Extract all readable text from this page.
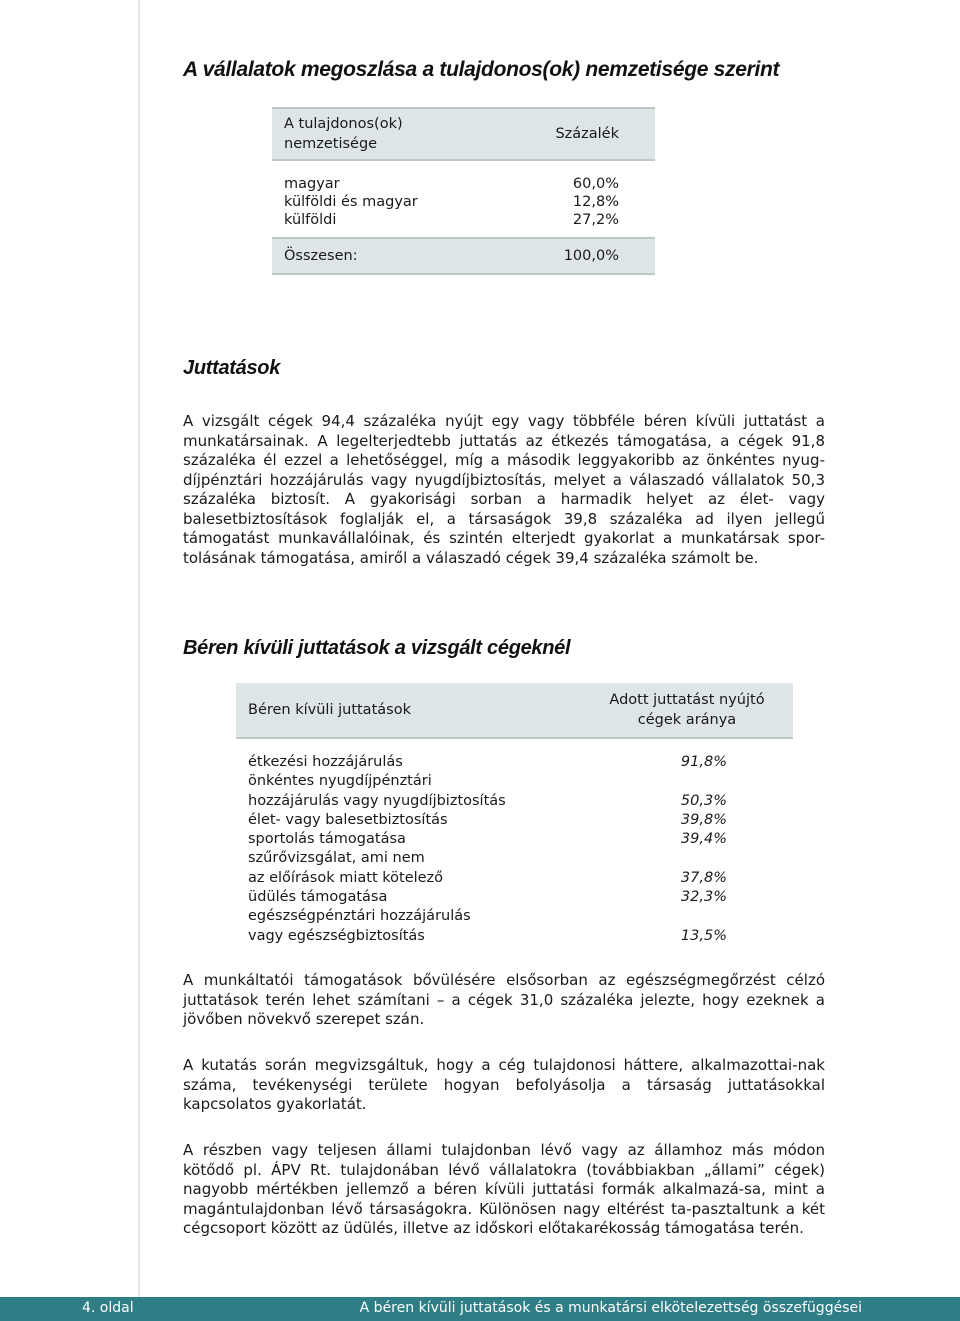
A vállalatok megoszlása a tulajdonos(ok) nemzetisége szerint
A tulajdonos(ok)
nemzetisége	Százalék
magyar	60,0%
külföldi és magyar	12,8%
külföldi	27,2%
Összesen:	100,0%
Juttatások

A vizsgált cégek 94,4 százaléka nyújt egy vagy többféle béren kívüli juttatást a munkatársainak. A legelterjedtebb juttatás az étkezés támogatása, a cégek 91,8 százaléka él ezzel a lehetőséggel, míg a második leggyakoribb az önkéntes nyug-díjpénztári hozzájárulás vagy nyugdíjbiztosítás, melyet a válaszadó vállalatok 50,3 százaléka biztosít. A gyakorisági sorban a harmadik helyet az élet- vagy balesetbiztosítások foglalják el, a társaságok 39,8 százaléka ad ilyen jellegű támogatást munkavállalóinak, és szintén elterjedt gyakorlat a munkatársak spor-tolásának támogatása, amiről a válaszadó cégek 39,4 százaléka számolt be.

Béren kívüli juttatások a vizsgált cégeknél
Béren kívüli juttatások	Adott juttatást nyújtó
cégek aránya
étkezési hozzájárulás	91,8%

önkéntes nyugdíjpénztári
hozzájárulás vagy nyugdíjbiztosítás	50,3%
élet- vagy balesetbiztosítás	39,8%
sportolás támogatása	39,4%

szűrővizsgálat, ami nem
az előírások miatt kötelező	37,8%
üdülés támogatása	32,3%

egészségpénztári hozzájárulás
vagy egészségbiztosítás	13,5%

A munkáltatói támogatások bővülésére elsősorban az egészségmegőrzést célzó juttatások terén lehet számítani – a cégek 31,0 százaléka jelezte, hogy ezeknek a jövőben növekvő szerepet szán.

A kutatás során megvizsgáltuk, hogy a cég tulajdonosi háttere, alkalmazottai-nak száma, tevékenységi területe hogyan befolyásolja a társaság juttatásokkal kapcsolatos gyakorlatát.

A részben vagy teljesen állami tulajdonban lévő vagy az államhoz más módon kötődő pl. ÁPV Rt. tulajdonában lévő vállalatokra (továbbiakban „állami” cégek) nagyobb mértékben jellemző a béren kívüli juttatási formák alkalmazá-sa, mint a magántulajdonban lévő társaságokra. Különösen nagy eltérést ta-pasztaltunk a két cégcsoport között az üdülés, illetve az időskori előtakarékosság támogatása terén.

4. oldal	A béren kívüli juttatások és a munkatársi elkötelezettség összefüggései
